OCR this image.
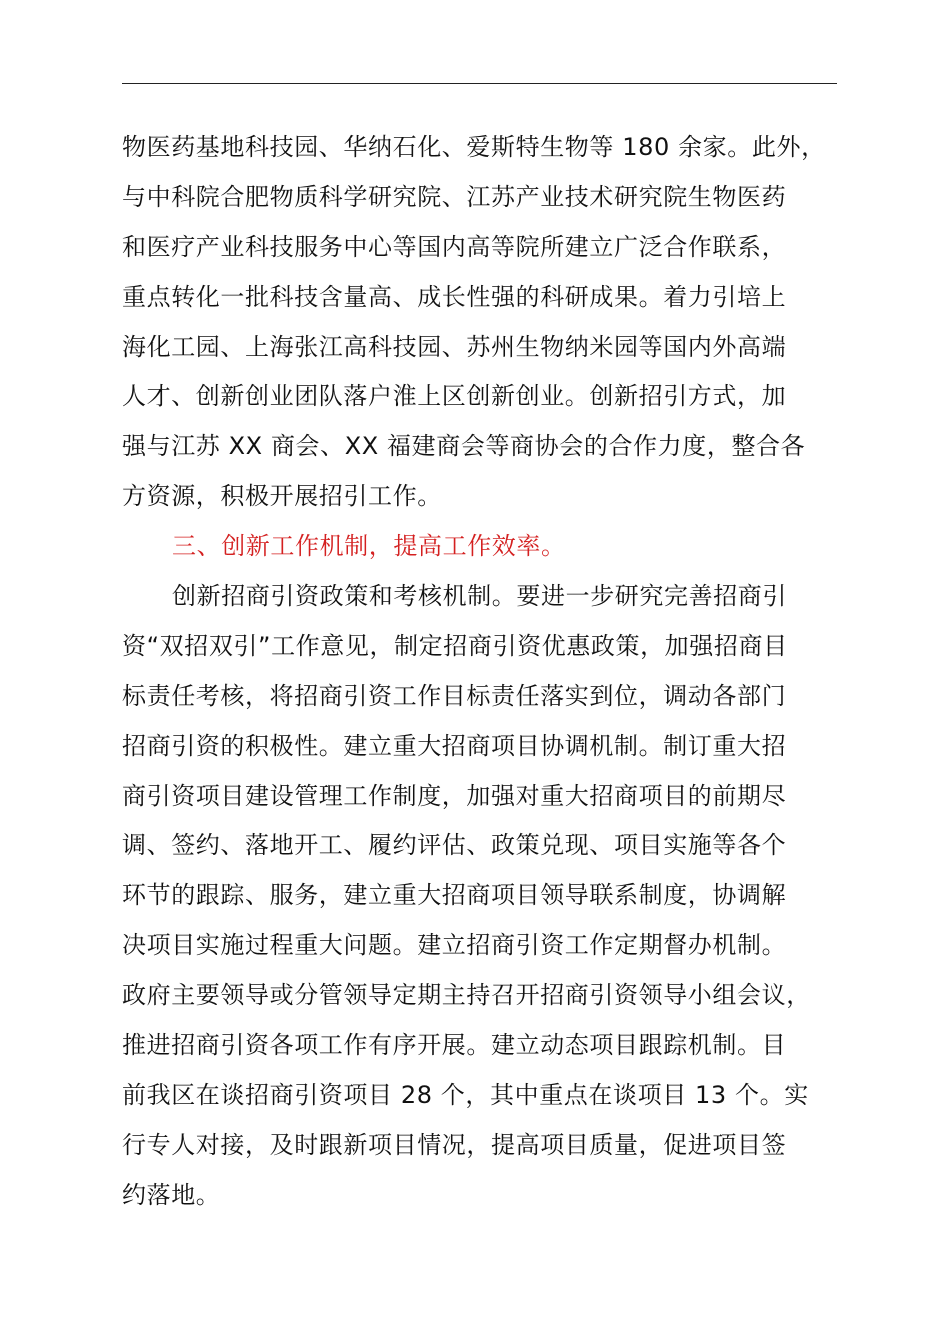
物医药基地科技园、华纳石化、爱斯特生物等 180 余家。此外，
与中科院合肥物质科学研究院、江苏产业技术研究院生物医药
和医疗产业科技服务中心等国内高等院所建立广泛合作联系，
重点转化一批科技含量高、成长性强的科研成果。着力引培上
海化工园、上海张江高科技园、苏州生物纳米园等国内外高端
人才、创新创业团队落户淮上区创新创业。创新招引方式，加
强与江苏 XX 商会、XX 福建商会等商协会的合作力度，整合各
方资源，积极开展招引工作。
三、创新工作机制，提高工作效率。
创新招商引资政策和考核机制。要进一步研究完善招商引
资“双招双引”工作意见，制定招商引资优惠政策，加强招商目
标责任考核，将招商引资工作目标责任落实到位，调动各部门
招商引资的积极性。建立重大招商项目协调机制。制订重大招
商引资项目建设管理工作制度，加强对重大招商项目的前期尽
调、签约、落地开工、履约评估、政策兑现、项目实施等各个
环节的跟踪、服务，建立重大招商项目领导联系制度，协调解
决项目实施过程重大问题。建立招商引资工作定期督办机制。
政府主要领导或分管领导定期主持召开招商引资领导小组会议，
推进招商引资各项工作有序开展。建立动态项目跟踪机制。目
前我区在谈招商引资项目 28 个，其中重点在谈项目 13 个。实
行专人对接，及时跟新项目情况，提高项目质量，促进项目签
约落地。
